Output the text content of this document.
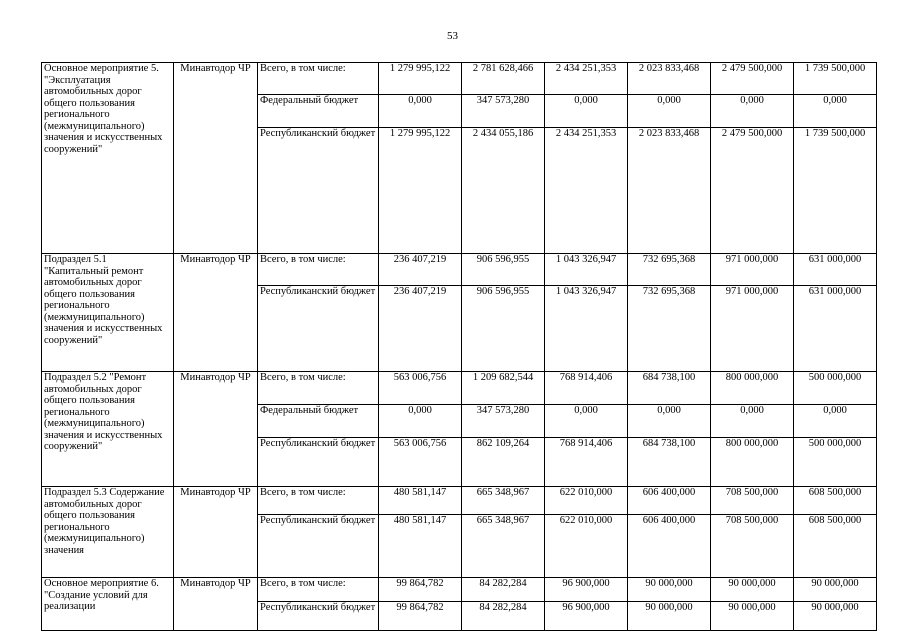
53
Основное мероприятие 5. "Эксплуатация автомобильных дорог общего пользования регионального (межмуниципального) значения и искусственных сооружений"	Минавтодор ЧР	Всего, в том числе:	1 279 995,122	2 781 628,466	2 434 251,353	2 023 833,468	2 479 500,000	1 739 500,000
		Федеральный бюджет	0,000	347 573,280	0,000	0,000	0,000	0,000
		Республиканский бюджет	1 279 995,122	2 434 055,186	2 434 251,353	2 023 833,468	2 479 500,000	1 739 500,000
Подраздел 5.1 "Капитальный ремонт автомобильных дорог общего пользования регионального (межмуниципального) значения и искусственных сооружений"	Минавтодор ЧР	Всего, в том числе:	236 407,219	906 596,955	1 043 326,947	732 695,368	971 000,000	631 000,000
		Республиканский бюджет	236 407,219	906 596,955	1 043 326,947	732 695,368	971 000,000	631 000,000
Подраздел 5.2 "Ремонт автомобильных дорог общего пользования регионального (межмуниципального) значения и искусственных сооружений"	Минавтодор ЧР	Всего, в том числе:	563 006,756	1 209 682,544	768 914,406	684 738,100	800 000,000	500 000,000
		Федеральный бюджет	0,000	347 573,280	0,000	0,000	0,000	0,000
		Республиканский бюджет	563 006,756	862 109,264	768 914,406	684 738,100	800 000,000	500 000,000
Подраздел 5.3 Содержание автомобильных дорог общего пользования регионального (межмуниципального) значения	Минавтодор ЧР	Всего, в том числе:	480 581,147	665 348,967	622 010,000	606 400,000	708 500,000	608 500,000
		Республиканский бюджет	480 581,147	665 348,967	622 010,000	606 400,000	708 500,000	608 500,000
Основное мероприятие 6. "Создание условий для реализации	Минавтодор ЧР	Всего, в том числе:	99 864,782	84 282,284	96 900,000	90 000,000	90 000,000	90 000,000
		Республиканский бюджет	99 864,782	84 282,284	96 900,000	90 000,000	90 000,000	90 000,000
